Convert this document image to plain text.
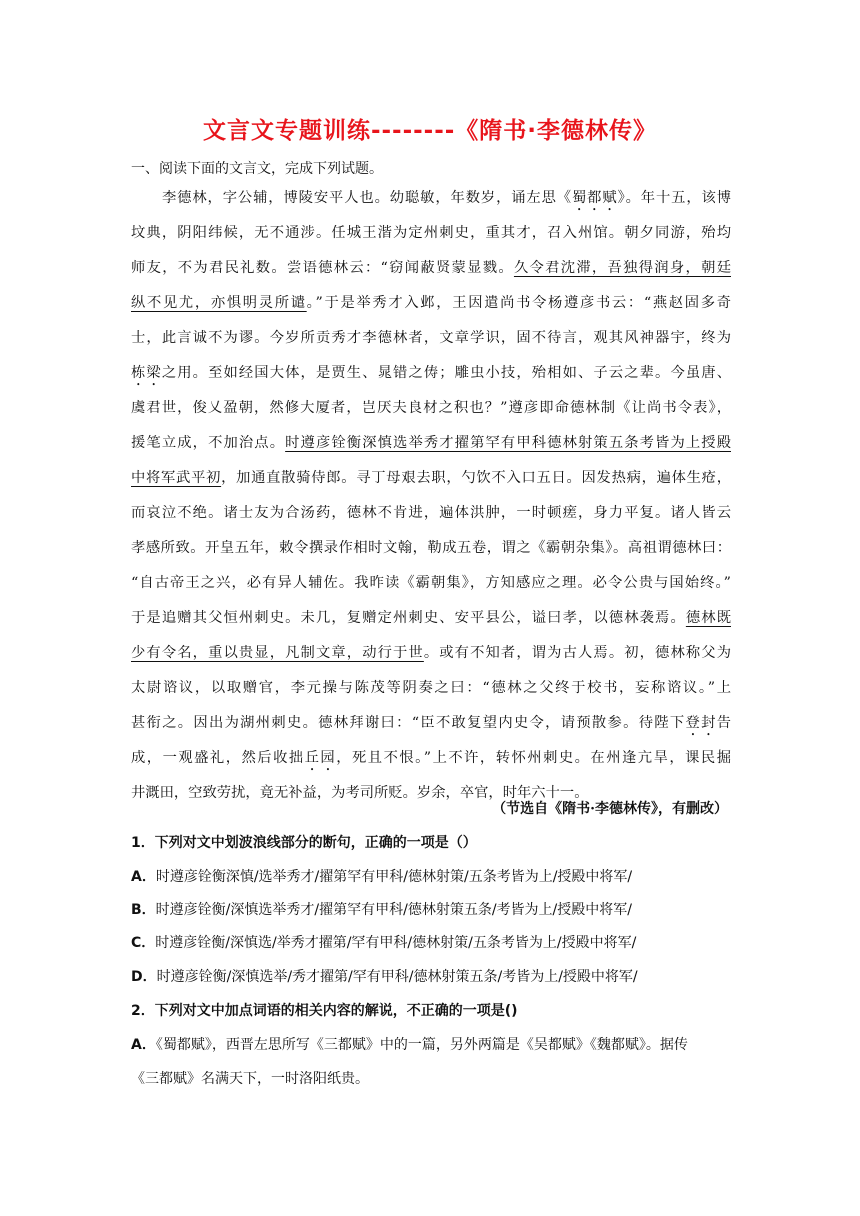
文言文专题训练--------《隋书·李德林传》
一、阅读下面的文言文，完成下列试题。
李德林，字公辅，博陵安平人也。幼聪敏，年数岁，诵左思《蜀都赋》。年十五，该博
坟典，阴阳纬候，无不通涉。任城王湝为定州刺史，重其才，召入州馆。朝夕同游，殆均
师友，不为君民礼数。尝语德林云：“窃闻蔽贤蒙显戮。久令君沈滞，吾独得润身，朝廷
纵不见尤，亦惧明灵所谴。”于是举秀才入邺，王因遣尚书令杨遵彦书云：“燕赵固多奇
士，此言诚不为谬。今岁所贡秀才李德林者，文章学识，固不待言，观其风神器宇，终为
栋梁之用。至如经国大体，是贾生、晁错之俦；雕虫小技，殆相如、子云之辈。今虽唐、
虞君世，俊乂盈朝，然修大厦者，岂厌夫良材之积也？”遵彦即命德林制《让尚书令表》，
援笔立成，不加治点。时遵彦铨衡深慎选举秀才擢第罕有甲科德林射策五条考皆为上授殿
中将军武平初，加通直散骑侍郎。寻丁母艰去职，勺饮不入口五日。因发热病，遍体生疮，
而哀泣不绝。诸士友为合汤药，德林不肯进，遍体洪肿，一时顿瘥，身力平复。诸人皆云
孝感所致。开皇五年，敕令撰录作相时文翰，勒成五卷，谓之《霸朝杂集》。高祖谓德林曰：
“自古帝王之兴，必有异人辅佐。我昨读《霸朝集》，方知感应之理。必令公贵与国始终。”
于是追赠其父恒州刺史。未几，复赠定州刺史、安平县公，谥曰孝，以德林袭焉。德林既
少有令名，重以贵显，凡制文章，动行于世。或有不知者，谓为古人焉。初，德林称父为
太尉谘议，以取赠官，李元操与陈茂等阴奏之曰：“德林之父终于校书，妄称谘议。”上
甚衔之。因出为湖州刺史。德林拜谢曰：“臣不敢复望内史令，请预散参。待陛下登封告
成，一观盛礼，然后收拙丘园，死且不恨。”上不许，转怀州刺史。在州逢亢旱，课民掘
井溉田，空致劳扰，竟无补益，为考司所贬。岁余，卒官，时年六十一。
（节选自《隋书·李德林传》，有删改）
1．下列对文中划波浪线部分的断句，正确的一项是（）
A．时遵彦铨衡深慎/选举秀才/擢第罕有甲科/德林射策/五条考皆为上/授殿中将军/
B．时遵彦铨衡/深慎选举秀才/擢第罕有甲科/德林射策五条/考皆为上/授殿中将军/
C．时遵彦铨衡/深慎选/举秀才擢第/罕有甲科/德林射策/五条考皆为上/授殿中将军/
D．时遵彦铨衡/深慎选举/秀才擢第/罕有甲科/德林射策五条/考皆为上/授殿中将军/
2．下列对文中加点词语的相关内容的解说，不正确的一项是()
A．《蜀都赋》，西晋左思所写《三都赋》中的一篇，另外两篇是《吴都赋》《魏都赋》。据传
《三都赋》名满天下，一时洛阳纸贵。
